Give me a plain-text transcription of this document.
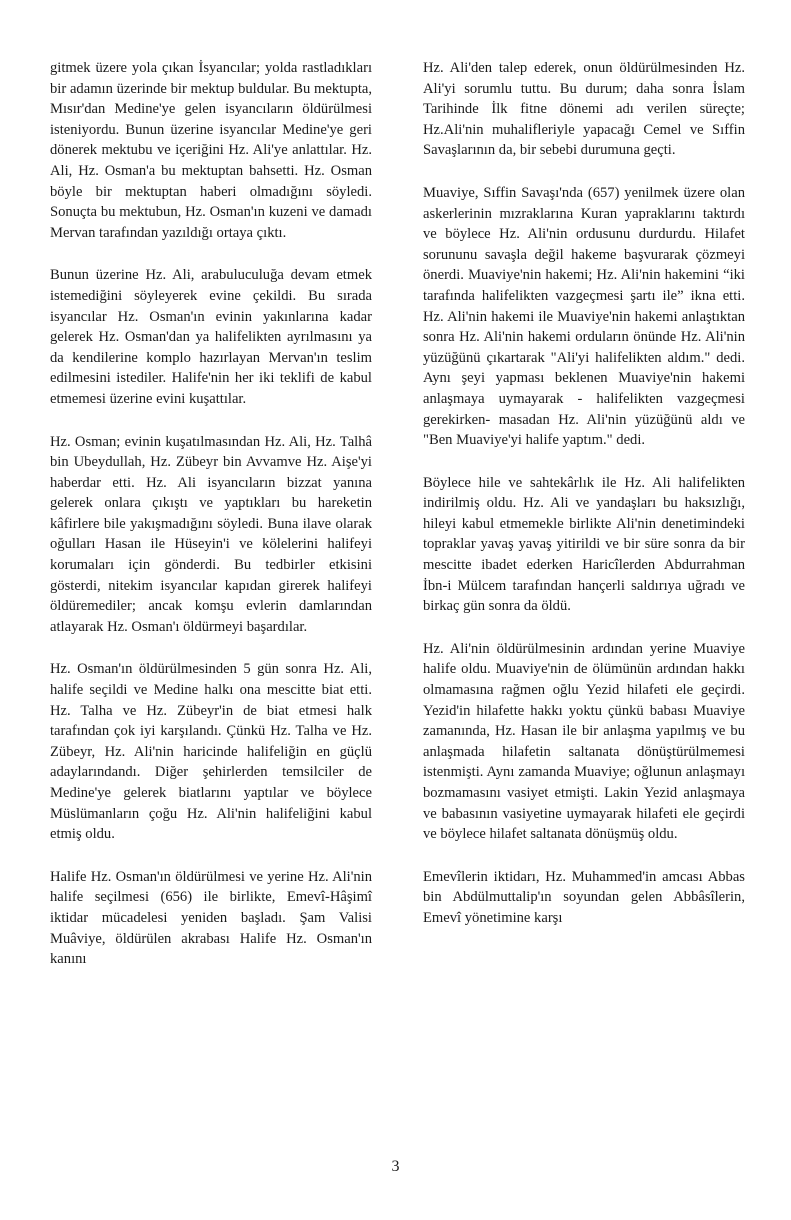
gitmek üzere yola çıkan İsyancılar; yolda rastladıkları bir adamın üzerinde bir mektup buldular. Bu mektupta, Mısır'dan Medine'ye gelen isyancıların öldürülmesi isteniyordu. Bunun üzerine isyancılar Medine'ye geri dönerek mektubu ve içeriğini Hz. Ali'ye anlattılar. Hz. Ali, Hz. Osman'a bu mektuptan bahsetti. Hz. Osman böyle bir mektuptan haberi olmadığını söyledi. Sonuçta bu mektubun, Hz. Osman'ın kuzeni ve damadı Mervan tarafından yazıldığı ortaya çıktı.

Bunun üzerine Hz. Ali, arabuluculuğa devam etmek istemediğini söyleyerek evine çekildi. Bu sırada isyancılar Hz. Osman'ın evinin yakınlarına kadar gelerek Hz. Osman'dan ya halifelikten ayrılmasını ya da kendilerine komplo hazırlayan Mervan'ın teslim edilmesini istediler. Halife'nin her iki teklifi de kabul etmemesi üzerine evini kuşattılar.

Hz. Osman; evinin kuşatılmasından Hz. Ali, Hz. Talhâ bin Ubeydullah, Hz. Zübeyr bin Avvamve Hz. Aişe'yi haberdar etti. Hz. Ali isyancıların bizzat yanına gelerek onlara çıkıştı ve yaptıkları bu hareketin kâfirlere bile yakışmadığını söyledi. Buna ilave olarak oğulları Hasan ile Hüseyin'i ve kölelerini halifeyi korumaları için gönderdi. Bu tedbirler etkisini gösterdi, nitekim isyancılar kapıdan girerek halifeyi öldüremediler; ancak komşu evlerin damlarından atlayarak Hz. Osman'ı öldürmeyi başardılar.

Hz. Osman'ın öldürülmesinden 5 gün sonra Hz. Ali, halife seçildi ve Medine halkı ona mescitte biat etti. Hz. Talha ve Hz. Zübeyr'in de biat etmesi halk tarafından çok iyi karşılandı. Çünkü Hz. Talha ve Hz. Zübeyr, Hz. Ali'nin haricinde halifeliğin en güçlü adaylarındandı. Diğer şehirlerden temsilciler de Medine'ye gelerek biatlarını yaptılar ve böylece Müslümanların çoğu Hz. Ali'nin halifeliğini kabul etmiş oldu.

Halife Hz. Osman'ın öldürülmesi ve yerine Hz. Ali'nin halife seçilmesi (656) ile birlikte, Emevî-Hâşimî iktidar mücadelesi yeniden başladı. Şam Valisi Muâviye, öldürülen akrabası Halife Hz. Osman'ın kanını

Hz. Ali'den talep ederek, onun öldürülmesinden Hz. Ali'yi sorumlu tuttu. Bu durum; daha sonra İslam Tarihinde İlk fitne dönemi adı verilen süreçte; Hz.Ali'nin muhalifleriyle yapacağı Cemel ve Sıffin Savaşlarının da, bir sebebi durumuna geçti.

Muaviye, Sıffin Savaşı'nda (657) yenilmek üzere olan askerlerinin mızraklarına Kuran yapraklarını taktırdı ve böylece Hz. Ali'nin ordusunu durdurdu. Hilafet sorununu savaşla değil hakeme başvurarak çözmeyi önerdi. Muaviye'nin hakemi; Hz. Ali'nin hakemini “iki tarafında halifelikten vazgeçmesi şartı ile” ikna etti. Hz. Ali'nin hakemi ile Muaviye'nin hakemi anlaştıktan sonra Hz. Ali'nin hakemi orduların önünde Hz. Ali'nin yüzüğünü çıkartarak "Ali'yi halifelikten aldım." dedi. Aynı şeyi yapması beklenen Muaviye'nin hakemi anlaşmaya uymayarak - halifelikten vazgeçmesi gerekirken- masadan Hz. Ali'nin yüzüğünü aldı ve "Ben Muaviye'yi halife yaptım." dedi.

Böylece hile ve sahtekârlık ile Hz. Ali halifelikten indirilmiş oldu. Hz. Ali ve yandaşları bu haksızlığı, hileyi kabul etmemekle birlikte Ali'nin denetimindeki topraklar yavaş yavaş yitirildi ve bir süre sonra da bir mescitte ibadet ederken Haricîlerden Abdurrahman İbn-i Mülcem tarafından hançerli saldırıya uğradı ve birkaç gün sonra da öldü.

Hz. Ali'nin öldürülmesinin ardından yerine Muaviye halife oldu. Muaviye'nin de ölümünün ardından hakkı olmamasına rağmen oğlu Yezid hilafeti ele geçirdi. Yezid'in hilafette hakkı yoktu çünkü babası Muaviye zamanında, Hz. Hasan ile bir anlaşma yapılmış ve bu anlaşmada hilafetin saltanata dönüştürülmemesi istenmişti. Aynı zamanda Muaviye; oğlunun anlaşmayı bozmamasını vasiyet etmişti. Lakin Yezid anlaşmaya ve babasının vasiyetine uymayarak hilafeti ele geçirdi ve böylece hilafet saltanata dönüşmüş oldu.

Emevîlerin iktidarı, Hz. Muhammed'in amcası Abbas bin Abdülmuttalip'ın soyundan gelen Abbâsîlerin, Emevî yönetimine karşı

3
